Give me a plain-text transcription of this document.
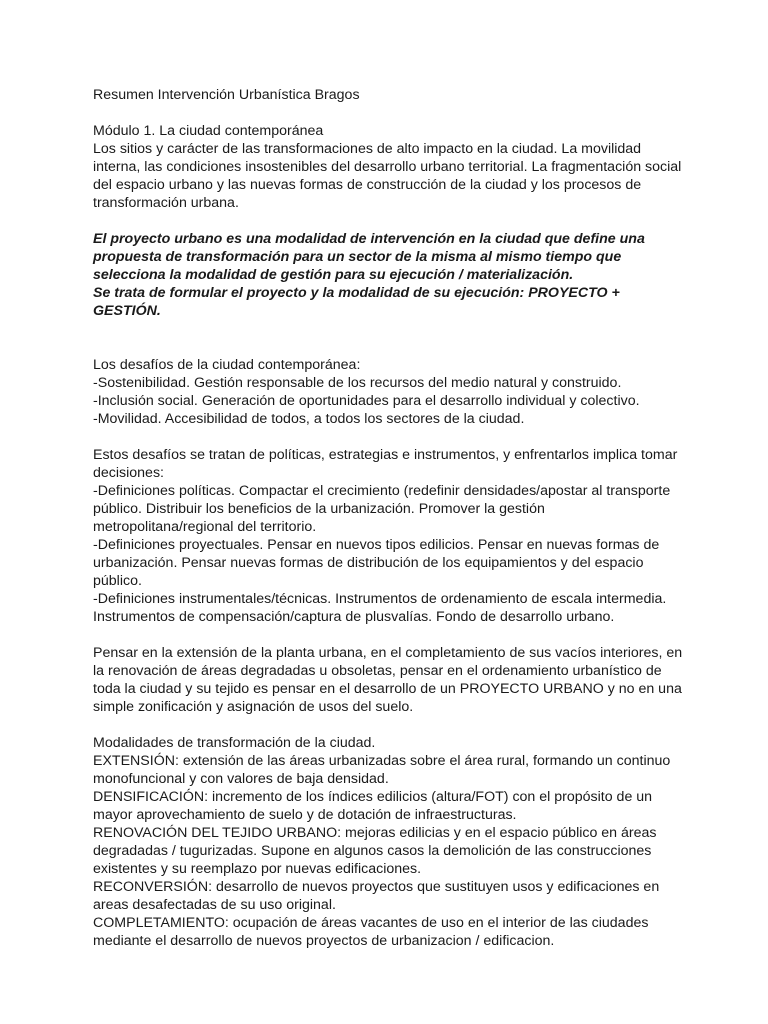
Resumen Intervención Urbanística Bragos

Módulo 1. La ciudad contemporánea

Los sitios y carácter de las transformaciones de alto impacto en la ciudad. La movilidad interna, las condiciones insostenibles del desarrollo urbano territorial. La fragmentación social del espacio urbano y las nuevas formas de construcción de la ciudad y los procesos de transformación urbana.

El proyecto urbano es una modalidad de intervención en la ciudad que define una propuesta de transformación para un sector de la misma al mismo tiempo que selecciona la modalidad de gestión para su ejecución / materialización.

Se trata de formular el proyecto y la modalidad de su ejecución: PROYECTO + GESTIÓN.

Los desafíos de la ciudad contemporánea:

-Sostenibilidad. Gestión responsable de los recursos del medio natural y construido.

-Inclusión social. Generación de oportunidades para el desarrollo individual y colectivo.

-Movilidad. Accesibilidad de todos, a todos los sectores de la ciudad.

Estos desafíos se tratan de políticas, estrategias e instrumentos, y enfrentarlos implica tomar decisiones:

-Definiciones políticas. Compactar el crecimiento (redefinir densidades/apostar al transporte público. Distribuir los beneficios de la urbanización. Promover la gestión metropolitana/regional del territorio.

-Definiciones proyectuales. Pensar en nuevos tipos edilicios. Pensar en nuevas formas de urbanización. Pensar nuevas formas de distribución de los equipamientos y del espacio público.

-Definiciones instrumentales/técnicas. Instrumentos de ordenamiento de escala intermedia. Instrumentos de compensación/captura de plusvalías. Fondo de desarrollo urbano.

Pensar en la extensión de la planta urbana, en el completamiento de sus vacíos interiores, en la renovación de áreas degradadas u obsoletas, pensar en el ordenamiento urbanístico de toda la ciudad y su tejido es pensar en el desarrollo de un PROYECTO URBANO y no en una simple zonificación y asignación de usos del suelo.

Modalidades de transformación de la ciudad.

EXTENSIÓN: extensión de las áreas urbanizadas sobre el área rural, formando un continuo monofuncional y con valores de baja densidad.

DENSIFICACIÓN: incremento de los índices edilicios (altura/FOT) con el propósito de un mayor aprovechamiento de suelo y de dotación de infraestructuras.

RENOVACIÓN DEL TEJIDO URBANO: mejoras edilicias y en el espacio público en áreas degradadas / tugurizadas. Supone en algunos casos la demolición de las construcciones existentes y su reemplazo por nuevas edificaciones.

RECONVERSIÓN: desarrollo de nuevos proyectos que sustituyen usos y edificaciones en areas desafectadas de su uso original.

COMPLETAMIENTO: ocupación de áreas vacantes de uso en el interior de las ciudades mediante el desarrollo de nuevos proyectos de urbanizacion / edificacion.
